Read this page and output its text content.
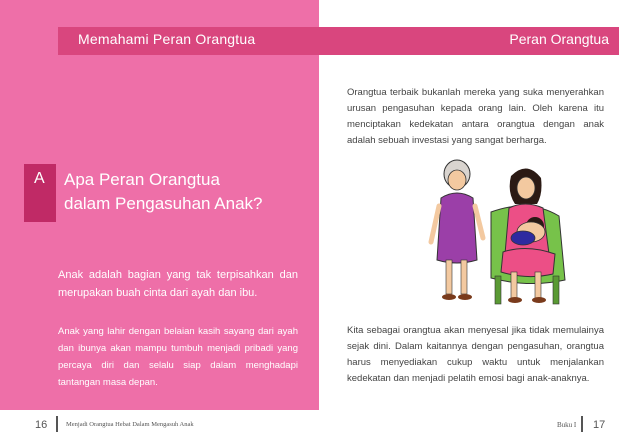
Memahami Peran Orangtua
A Apa Peran Orangtua
dalam Pengasuhan Anak?

Anak adalah bagian yang tak terpisahkan dan merupakan buah cinta dari ayah dan ibu.

Anak yang lahir dengan belaian kasih sayang dari ayah dan ibunya akan mampu tumbuh menjadi pribadi yang percaya diri dan selalu siap dalam menghadapi tantangan masa depan.

16	Menjadi Orangtua Hebat Dalam Mengasuh Anak
Peran Orangtua

Orangtua terbaik bukanlah mereka yang suka menyerahkan urusan pengasuhan kepada orang lain. Oleh karena itu menciptakan kedekatan antara orangtua dengan anak adalah sebuah investasi yang sangat berharga.

Kita sebagai orangtua akan menyesal jika tidak memulainya sejak dini. Dalam kaitannya dengan pengasuhan, orangtua harus menyediakan cukup waktu untuk menjalankan kedekatan dan menjadi pelatih emosi bagi anak-anaknya.

Buku I 17
